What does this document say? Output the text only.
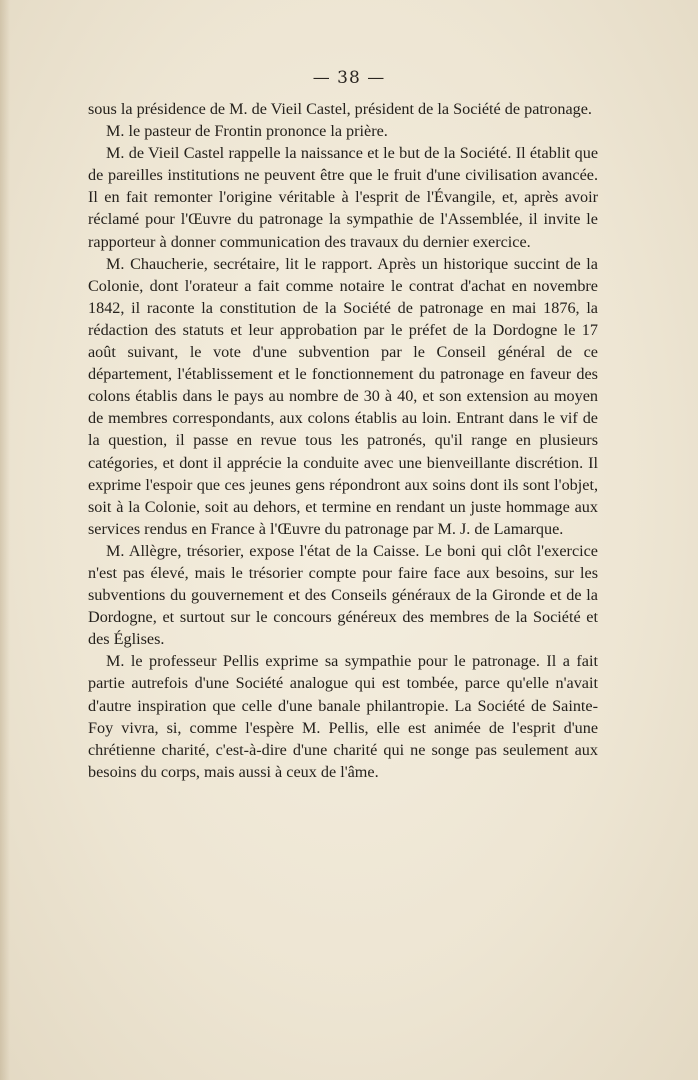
— 38 —

sous la présidence de M. de Vieil Castel, président de la Société de patronage.

M. le pasteur de Frontin prononce la prière.

M. de Vieil Castel rappelle la naissance et le but de la Société. Il établit que de pareilles institutions ne peuvent être que le fruit d'une civilisation avancée. Il en fait remonter l'origine véritable à l'esprit de l'Évangile, et, après avoir réclamé pour l'Œuvre du patronage la sympathie de l'Assemblée, il invite le rapporteur à donner communication des travaux du dernier exercice.

M. Chaucherie, secrétaire, lit le rapport. Après un historique succint de la Colonie, dont l'orateur a fait comme notaire le contrat d'achat en novembre 1842, il raconte la constitution de la Société de patronage en mai 1876, la rédaction des statuts et leur approbation par le préfet de la Dordogne le 17 août suivant, le vote d'une subvention par le Conseil général de ce département, l'établissement et le fonctionnement du patronage en faveur des colons établis dans le pays au nombre de 30 à 40, et son extension au moyen de membres correspondants, aux colons établis au loin. Entrant dans le vif de la question, il passe en revue tous les patronés, qu'il range en plusieurs catégories, et dont il apprécie la conduite avec une bienveillante discrétion. Il exprime l'espoir que ces jeunes gens répondront aux soins dont ils sont l'objet, soit à la Colonie, soit au dehors, et termine en rendant un juste hommage aux services rendus en France à l'Œuvre du patronage par M. J. de Lamarque.

M. Allègre, trésorier, expose l'état de la Caisse. Le boni qui clôt l'exercice n'est pas élevé, mais le trésorier compte pour faire face aux besoins, sur les subventions du gouvernement et des Conseils généraux de la Gironde et de la Dordogne, et surtout sur le concours généreux des membres de la Société et des Églises.

M. le professeur Pellis exprime sa sympathie pour le patronage. Il a fait partie autrefois d'une Société analogue qui est tombée, parce qu'elle n'avait d'autre inspiration que celle d'une banale philantropie. La Société de Sainte-Foy vivra, si, comme l'espère M. Pellis, elle est animée de l'esprit d'une chrétienne charité, c'est-à-dire d'une charité qui ne songe pas seulement aux besoins du corps, mais aussi à ceux de l'âme.
